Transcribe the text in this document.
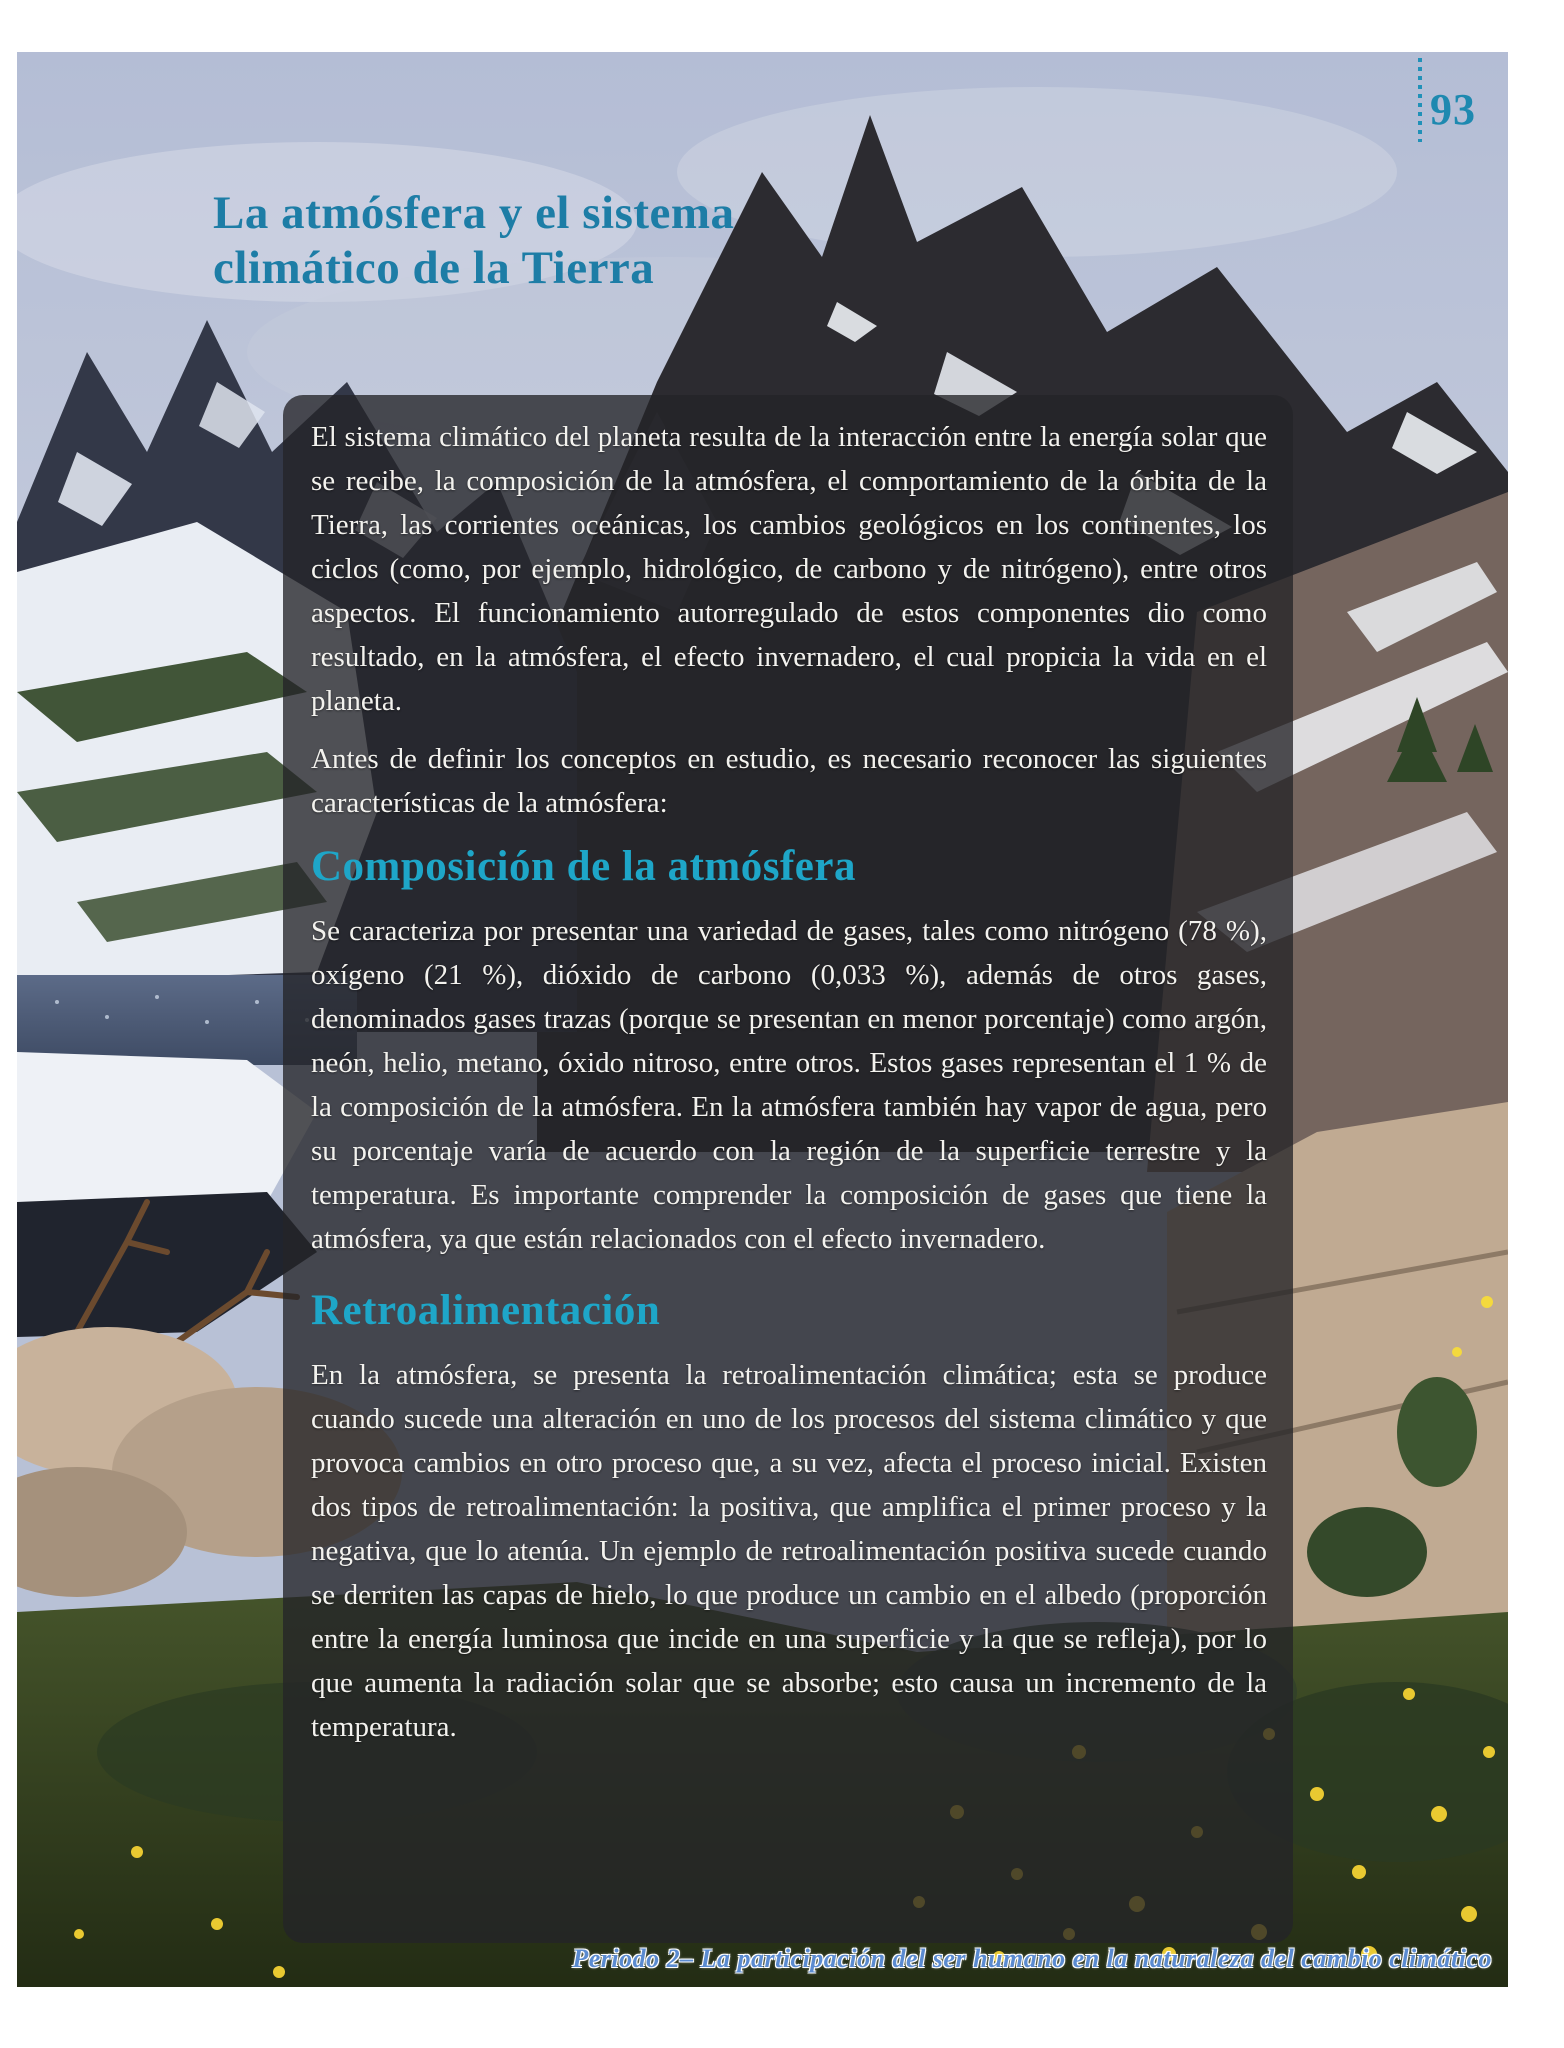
93
La atmósfera y el sistema
climático de la Tierra

El sistema climático del planeta resulta de la interacción entre la energía solar que se recibe, la composición de la atmósfera, el comportamiento de la órbita de la Tierra, las corrientes oceánicas, los cambios geológicos en los continentes, los ciclos (como, por ejemplo, hidrológico, de carbono y de nitrógeno), entre otros aspectos. El funcionamiento autorregulado de estos componentes dio como resultado, en la atmósfera, el efecto invernadero, el cual propicia la vida en el planeta.

Antes de definir los conceptos en estudio, es necesario reconocer las siguientes características de la atmósfera:

Composición de la atmósfera

Se caracteriza por presentar una variedad de gases, tales como nitrógeno (78 %), oxígeno (21 %), dióxido de carbono (0,033 %), además de otros gases, denominados gases trazas (porque se presentan en menor porcentaje) como argón, neón, helio, metano, óxido nitroso, entre otros. Estos gases representan el 1 % de la composición de la atmósfera. En la atmósfera también hay vapor de agua, pero su porcentaje varía de acuerdo con la región de la superficie terrestre y la temperatura. Es importante comprender la composición de gases que tiene la atmósfera, ya que están relacionados con el efecto invernadero.

Retroalimentación

En la atmósfera, se presenta la retroalimentación climática; esta se produce cuando sucede una alteración en uno de los procesos del sistema climático y que provoca cambios en otro proceso que, a su vez, afecta el proceso inicial. Existen dos tipos de retroalimentación: la positiva, que amplifica el primer proceso y la negativa, que lo atenúa. Un ejemplo de retroalimentación positiva sucede cuando se derriten las capas de hielo, lo que produce un cambio en el albedo (proporción entre la energía luminosa que incide en una superficie y la que se refleja), por lo que aumenta la radiación solar que se absorbe; esto causa un incremento de la temperatura.

Periodo 2– La participación del ser humano en la naturaleza del cambio climático
